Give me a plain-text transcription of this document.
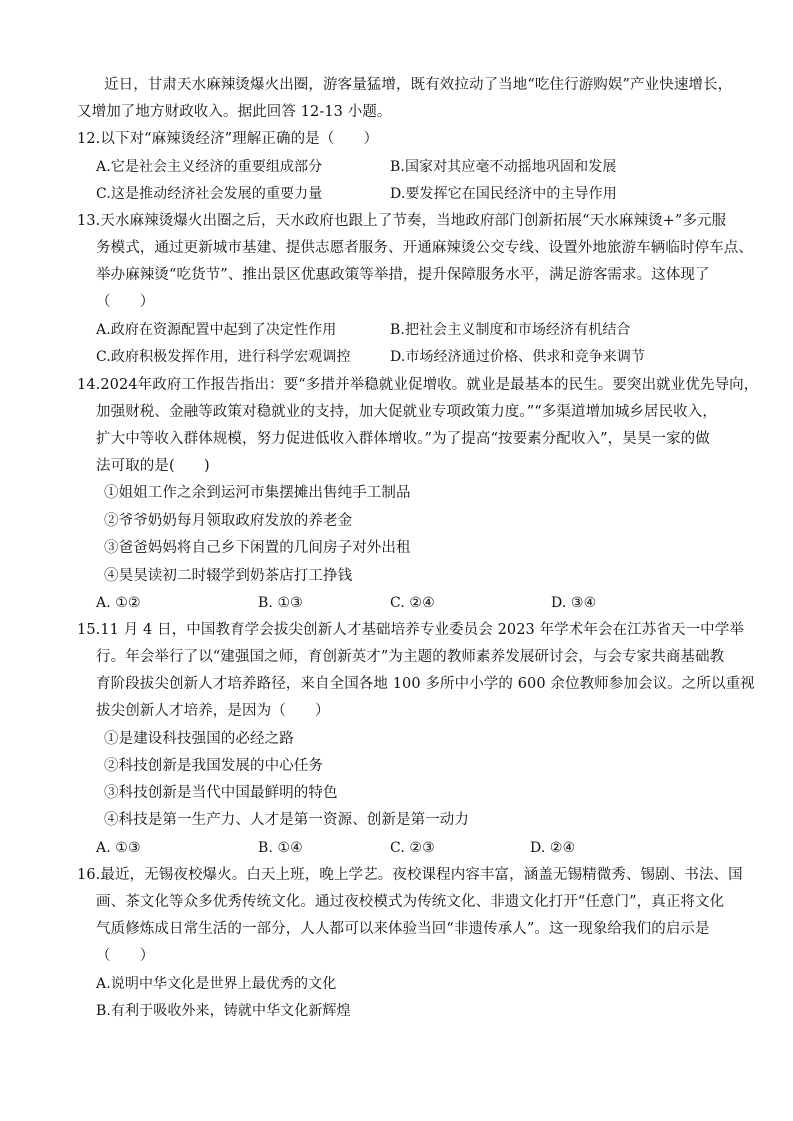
近日，甘肃天水麻辣烫爆火出圈，游客量猛增，既有效拉动了当地“吃住行游购娱”产业快速增长，
又增加了地方财政收入。据此回答 12-13 小题。
12.以下对“麻辣烫经济”理解正确的是（　　）
A.它是社会主义经济的重要组成部分	B.国家对其应毫不动摇地巩固和发展
C.这是推动经济社会发展的重要力量	D.要发挥它在国民经济中的主导作用
13.天水麻辣烫爆火出圈之后，天水政府也跟上了节奏，当地政府部门创新拓展“天水麻辣烫+”多元服
务模式，通过更新城市基建、提供志愿者服务、开通麻辣烫公交专线、设置外地旅游车辆临时停车点、
举办麻辣烫“吃货节”、推出景区优惠政策等举措，提升保障服务水平，满足游客需求。这体现了
（　　）
A.政府在资源配置中起到了决定性作用	B.把社会主义制度和市场经济有机结合
C.政府积极发挥作用，进行科学宏观调控	D.市场经济通过价格、供求和竞争来调节
14.2024年政府工作报告指出：要“多措并举稳就业促增收。就业是最基本的民生。要突出就业优先导向，
加强财税、金融等政策对稳就业的支持，加大促就业专项政策力度。”“多渠道增加城乡居民收入，
扩大中等收入群体规模，努力促进低收入群体增收。”为了提高“按要素分配收入”，昊昊一家的做
法可取的是(　　)
①姐姐工作之余到运河市集摆摊出售纯手工制品
②爷爷奶奶每月领取政府发放的养老金
③爸爸妈妈将自己乡下闲置的几间房子对外出租
④昊昊读初二时辍学到奶茶店打工挣钱
A. ①②	B. ①③	C. ②④	D. ③④
15.11 月 4 日，中国教育学会拔尖创新人才基础培养专业委员会 2023 年学术年会在江苏省天一中学举
行。年会举行了以“建强国之师，育创新英才”为主题的教师素养发展研讨会，与会专家共商基础教
育阶段拔尖创新人才培养路径，来自全国各地 100 多所中小学的 600 余位教师参加会议。之所以重视
拔尖创新人才培养，是因为（　　）
①是建设科技强国的必经之路
②科技创新是我国发展的中心任务
③科技创新是当代中国最鲜明的特色
④科技是第一生产力、人才是第一资源、创新是第一动力
A. ①③	B. ①④	C. ②③	D. ②④
16.最近，无锡夜校爆火。白天上班，晚上学艺。夜校课程内容丰富，涵盖无锡精微秀、锡剧、书法、国
画、茶文化等众多优秀传统文化。通过夜校模式为传统文化、非遗文化打开“任意门”，真正将文化
气质修炼成日常生活的一部分，人人都可以来体验当回“非遗传承人”。这一现象给我们的启示是
（　　）
A.说明中华文化是世界上最优秀的文化
B.有利于吸收外来，铸就中华文化新辉煌
